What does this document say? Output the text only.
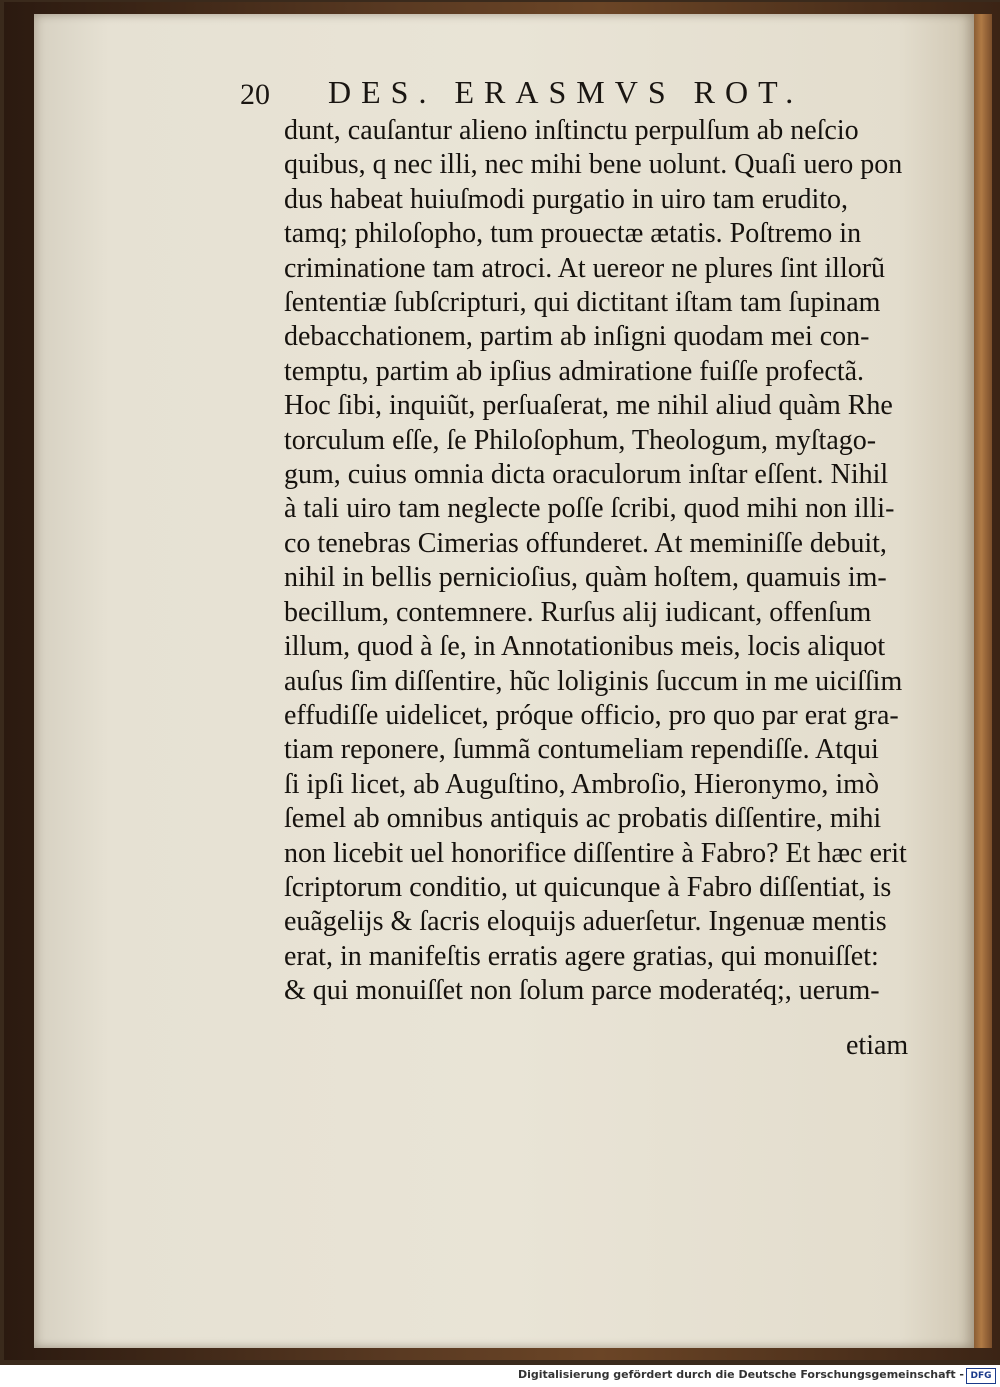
20 DES. ERASMVS ROT.
dunt, cauſantur alieno inſtinctu perpulſum ab neſcio
quibus, q nec illi, nec mihi bene uolunt. Quaſi uero pon
dus habeat huiuſmodi purgatio in uiro tam erudito,
tamq; philoſopho, tum prouectæ ætatis. Poſtremo in
criminatione tam atroci. At uereor ne plures ſint illorũ
ſententiæ ſubſcripturi, qui dictitant iſtam tam ſupinam
debacchationem, partim ab inſigni quodam mei con-
temptu, partim ab ipſius admiratione fuiſſe profectã.
Hoc ſibi, inquiũt, perſuaſerat, me nihil aliud quàm Rhe
torculum eſſe, ſe Philoſophum, Theologum, myſtago-
gum, cuius omnia dicta oraculorum inſtar eſſent. Nihil
à tali uiro tam neglecte poſſe ſcribi, quod mihi non illi-
co tenebras Cimerias offunderet. At meminiſſe debuit,
nihil in bellis pernicioſius, quàm hoſtem, quamuis im-
becillum, contemnere. Rurſus alij iudicant, offenſum
illum, quod à ſe, in Annotationibus meis, locis aliquot
auſus ſim diſſentire, hũc loliginis ſuccum in me uiciſſim
effudiſſe uidelicet, próque officio, pro quo par erat gra-
tiam reponere, ſummã contumeliam rependiſſe. Atqui
ſi ipſi licet, ab Auguſtino, Ambroſio, Hieronymo, imò
ſemel ab omnibus antiquis ac probatis diſſentire, mihi
non licebit uel honorifice diſſentire à Fabro? Et hæc erit
ſcriptorum conditio, ut quicunque à Fabro diſſentiat, is
euãgelijs & ſacris eloquijs aduerſetur. Ingenuæ mentis
erat, in manifeſtis erratis agere gratias, qui monuiſſet:
& qui monuiſſet non ſolum parce moderatéq;, uerum-
etiam
Digitalisierung gefördert durch die Deutsche Forschungsgemeinschaft - DFG
